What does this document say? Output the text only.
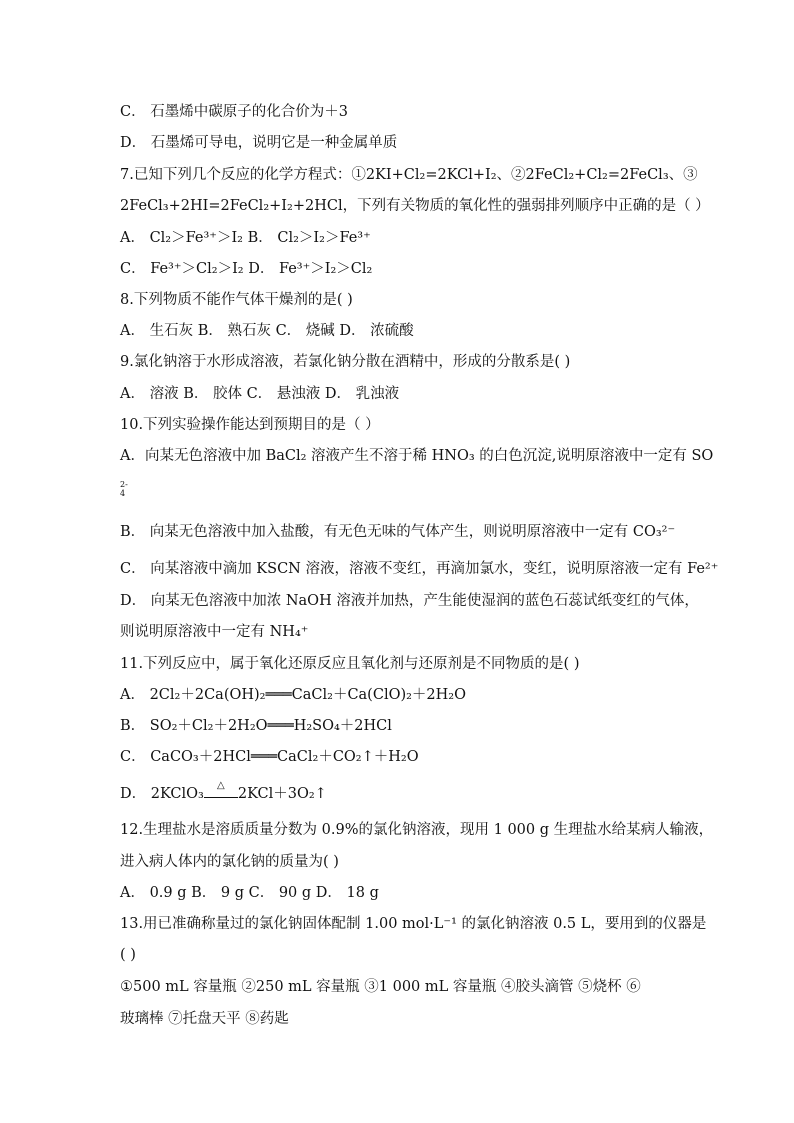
C． 石墨烯中碳原子的化合价为＋3
D． 石墨烯可导电，说明它是一种金属单质
7.已知下列几个反应的化学方程式：①2KI+Cl₂=2KCl+I₂、②2FeCl₂+Cl₂=2FeCl₃、③
2FeCl₃+2HI=2FeCl₂+I₂+2HCl，下列有关物质的氧化性的强弱排列顺序中正确的是（ ）
A． Cl₂＞Fe³⁺＞I₂ B． Cl₂＞I₂＞Fe³⁺
C． Fe³⁺＞Cl₂＞I₂ D． Fe³⁺＞I₂＞Cl₂
8.下列物质不能作气体干燥剂的是( )
A． 生石灰 B． 熟石灰 C． 烧碱 D． 浓硫酸
9.氯化钠溶于水形成溶液，若氯化钠分散在酒精中，形成的分散系是( )
A． 溶液 B． 胶体 C． 悬浊液 D． 乳浊液
10.下列实验操作能达到预期目的是（ ）
A．向某无色溶液中加 BaCl₂ 溶液产生不溶于稀 HNO₃ 的白色沉淀,说明原溶液中一定有 SO
2-
4
B． 向某无色溶液中加入盐酸，有无色无味的气体产生，则说明原溶液中一定有 CO₃²⁻
C． 向某溶液中滴加 KSCN 溶液，溶液不变红，再滴加氯水，变红，说明原溶液一定有 Fe²⁺
D． 向某无色溶液中加浓 NaOH 溶液并加热，产生能使湿润的蓝色石蕊试纸变红的气体，
则说明原溶液中一定有 NH₄⁺
11.下列反应中，属于氧化还原反应且氧化剂与还原剂是不同物质的是( )
A． 2Cl₂＋2Ca(OH)₂═══CaCl₂＋Ca(ClO)₂＋2H₂O
B． SO₂＋Cl₂＋2H₂O═══H₂SO₄＋2HCl
C． CaCO₃＋2HCl═══CaCl₂＋CO₂↑＋H₂O
D． 2KClO₃
△
2KCl＋3O₂↑
12.生理盐水是溶质质量分数为 0.9%的氯化钠溶液，现用 1 000 g 生理盐水给某病人输液，
进入病人体内的氯化钠的质量为( )
A． 0.9 g B． 9 g C． 90 g D． 18 g
13.用已准确称量过的氯化钠固体配制 1.00 mol·L⁻¹ 的氯化钠溶液 0.5 L，要用到的仪器是
( )
①500 mL 容量瓶 ②250 mL 容量瓶 ③1 000 mL 容量瓶 ④胶头滴管 ⑤烧杯 ⑥
玻璃棒 ⑦托盘天平 ⑧药匙
